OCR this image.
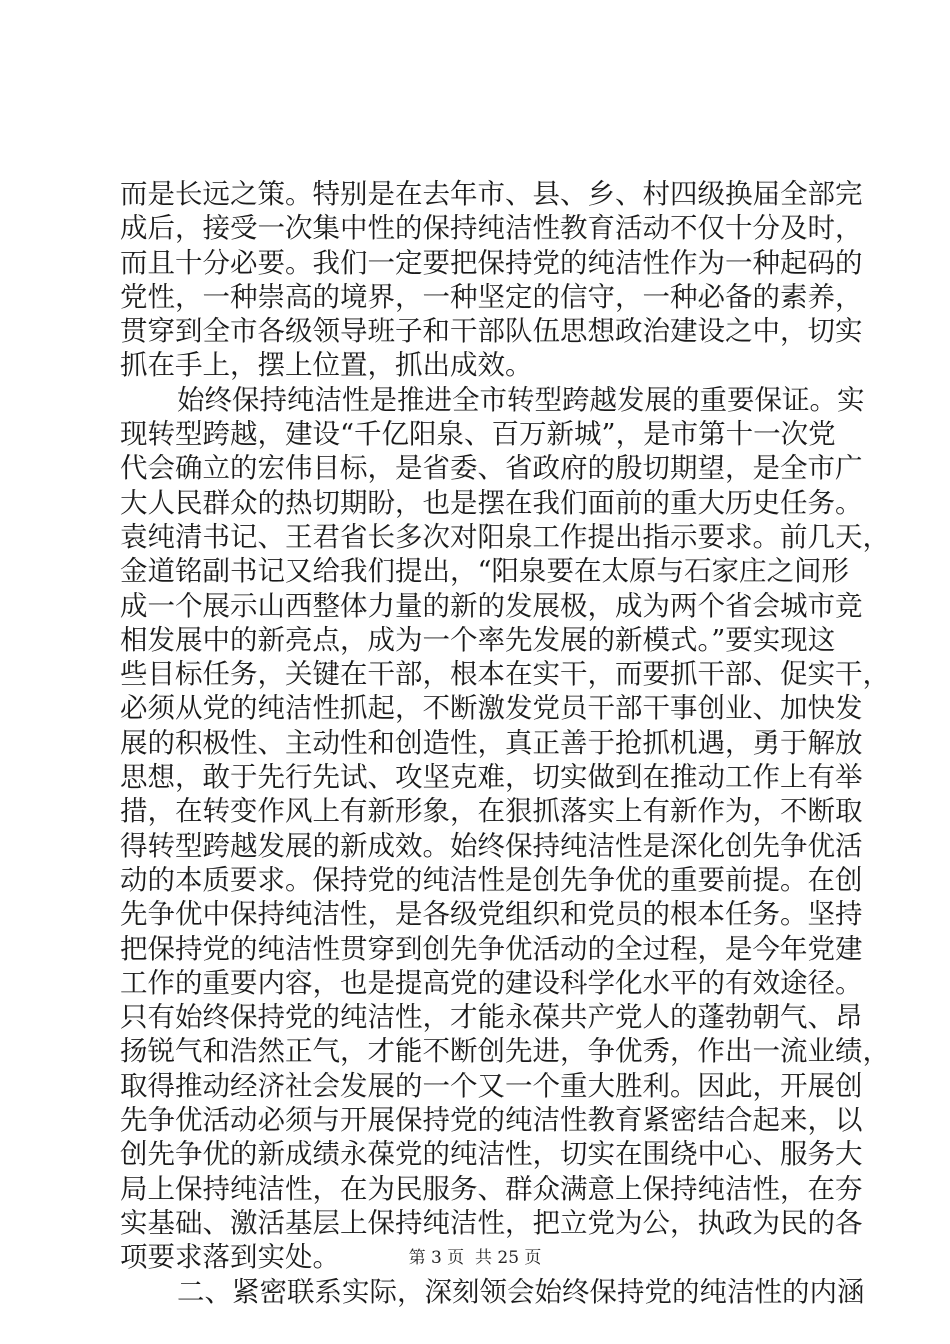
而是长远之策。特别是在去年市、县、乡、村四级换届全部完
成后，接受一次集中性的保持纯洁性教育活动不仅十分及时，
而且十分必要。我们一定要把保持党的纯洁性作为一种起码的
党性，一种崇高的境界，一种坚定的信守，一种必备的素养，
贯穿到全市各级领导班子和干部队伍思想政治建设之中，切实
抓在手上，摆上位置，抓出成效。
始终保持纯洁性是推进全市转型跨越发展的重要保证。实
现转型跨越，建设“千亿阳泉、百万新城”，是市第十一次党
代会确立的宏伟目标，是省委、省政府的殷切期望，是全市广
大人民群众的热切期盼，也是摆在我们面前的重大历史任务。
袁纯清书记、王君省长多次对阳泉工作提出指示要求。前几天，
金道铭副书记又给我们提出，“阳泉要在太原与石家庄之间形
成一个展示山西整体力量的新的发展极，成为两个省会城市竞
相发展中的新亮点，成为一个率先发展的新模式。”要实现这
些目标任务，关键在干部，根本在实干，而要抓干部、促实干，
必须从党的纯洁性抓起，不断激发党员干部干事创业、加快发
展的积极性、主动性和创造性，真正善于抢抓机遇，勇于解放
思想，敢于先行先试、攻坚克难，切实做到在推动工作上有举
措，在转变作风上有新形象，在狠抓落实上有新作为，不断取
得转型跨越发展的新成效。始终保持纯洁性是深化创先争优活
动的本质要求。保持党的纯洁性是创先争优的重要前提。在创
先争优中保持纯洁性，是各级党组织和党员的根本任务。坚持
把保持党的纯洁性贯穿到创先争优活动的全过程，是今年党建
工作的重要内容，也是提高党的建设科学化水平的有效途径。
只有始终保持党的纯洁性，才能永葆共产党人的蓬勃朝气、昂
扬锐气和浩然正气，才能不断创先进，争优秀，作出一流业绩，
取得推动经济社会发展的一个又一个重大胜利。因此，开展创
先争优活动必须与开展保持党的纯洁性教育紧密结合起来，以
创先争优的新成绩永葆党的纯洁性，切实在围绕中心、服务大
局上保持纯洁性，在为民服务、群众满意上保持纯洁性，在夯
实基础、激活基层上保持纯洁性，把立党为公，执政为民的各
项要求落到实处。
二、紧密联系实际，深刻领会始终保持党的纯洁性的内涵
第 3 页  共 25 页
